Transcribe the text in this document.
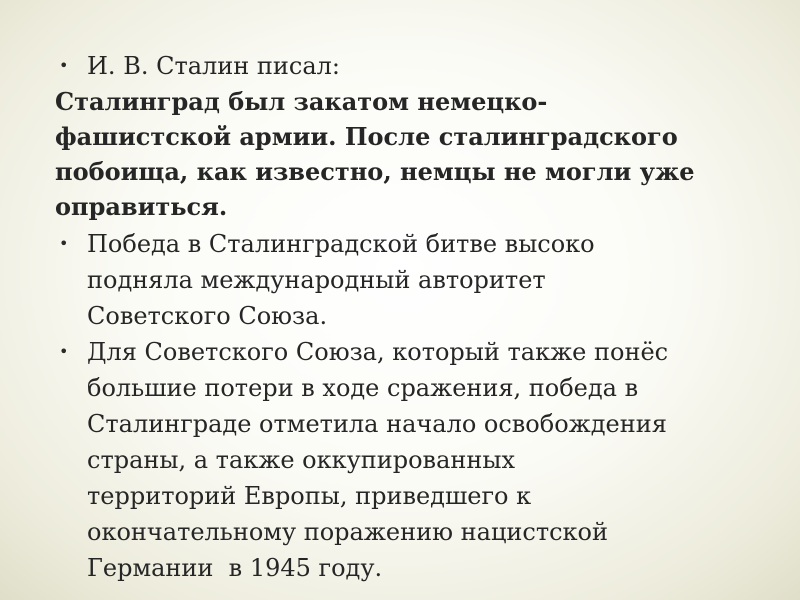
• И. В. Сталин писал:
Сталинград был закатом немецко-
фашистской армии. После сталинградского
побоища, как известно, немцы не могли уже
оправиться.
• Победа в Сталинградской битве высоко
подняла международный авторитет
Советского Союза.
• Для Советского Союза, который также понёс
большие потери в ходе сражения, победа в
Сталинграде отметила начало освобождения
страны, а также оккупированных
территорий Европы, приведшего к
окончательному поражению нацистской
Германии  в 1945 году.
